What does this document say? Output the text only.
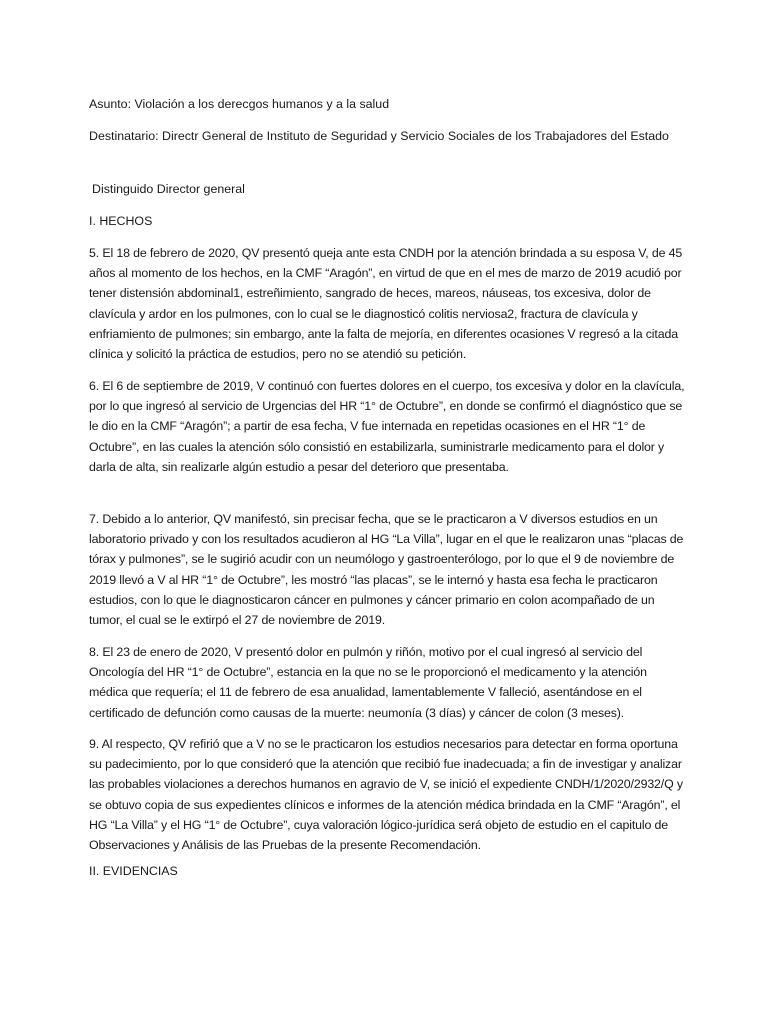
Asunto: Violación a los derecgos humanos y a la salud

Destinatario: Directr General de Instituto de Seguridad y Servicio Sociales de los Trabajadores del Estado

Distinguido Director general

I. HECHOS

5. El 18 de febrero de 2020, QV presentó queja ante esta CNDH por la atención brindada a su esposa V, de 45 años al momento de los hechos, en la CMF “Aragón”, en virtud de que en el mes de marzo de 2019 acudió por tener distensión abdominal1, estreñimiento, sangrado de heces, mareos, náuseas, tos excesiva, dolor de clavícula y ardor en los pulmones, con lo cual se le diagnosticó colitis nerviosa2, fractura de clavícula y enfriamiento de pulmones; sin embargo, ante la falta de mejoría, en diferentes ocasiones V regresó a la citada clínica y solicitó la práctica de estudios, pero no se atendió su petición.

6. El 6 de septiembre de 2019, V continuó con fuertes dolores en el cuerpo, tos excesiva y dolor en la clavícula, por lo que ingresó al servicio de Urgencias del HR “1° de Octubre”, en donde se confirmó el diagnóstico que se le dio en la CMF “Aragón”; a partir de esa fecha, V fue internada en repetidas ocasiones en el HR “1° de Octubre”, en las cuales la atención sólo consistió en estabilizarla, suministrarle medicamento para el dolor y darla de alta, sin realizarle algún estudio a pesar del deterioro que presentaba.

7. Debido a lo anterior, QV manifestó, sin precisar fecha, que se le practicaron a V diversos estudios en un laboratorio privado y con los resultados acudieron al HG “La Villa”, lugar en el que le realizaron unas “placas de tórax y pulmones”, se le sugirió acudir con un neumólogo y gastroenterólogo, por lo que el 9 de noviembre de 2019 llevó a V al HR “1° de Octubre”, les mostró “las placas”, se le internó y hasta esa fecha le practicaron estudios, con lo que le diagnosticaron cáncer en pulmones y cáncer primario en colon acompañado de un tumor, el cual se le extirpó el 27 de noviembre de 2019.

8. El 23 de enero de 2020, V presentó dolor en pulmón y riñón, motivo por el cual ingresó al servicio del Oncología del HR “1° de Octubre”, estancia en la que no se le proporcionó el medicamento y la atención médica que requería; el 11 de febrero de esa anualidad, lamentablemente V falleció, asentándose en el certificado de defunción como causas de la muerte: neumonía (3 días) y cáncer de colon (3 meses).

9. Al respecto, QV refirió que a V no se le practicaron los estudios necesarios para detectar en forma oportuna su padecimiento, por lo que consideró que la atención que recibió fue inadecuada; a fin de investigar y analizar las probables violaciones a derechos humanos en agravio de V, se inició el expediente CNDH/1/2020/2932/Q y se obtuvo copia de sus expedientes clínicos e informes de la atención médica brindada en la CMF “Aragón”, el HG “La Villa” y el HG “1° de Octubre”, cuya valoración lógico-jurídica será objeto de estudio en el capitulo de Observaciones y Análisis de las Pruebas de la presente Recomendación.

II. EVIDENCIAS
